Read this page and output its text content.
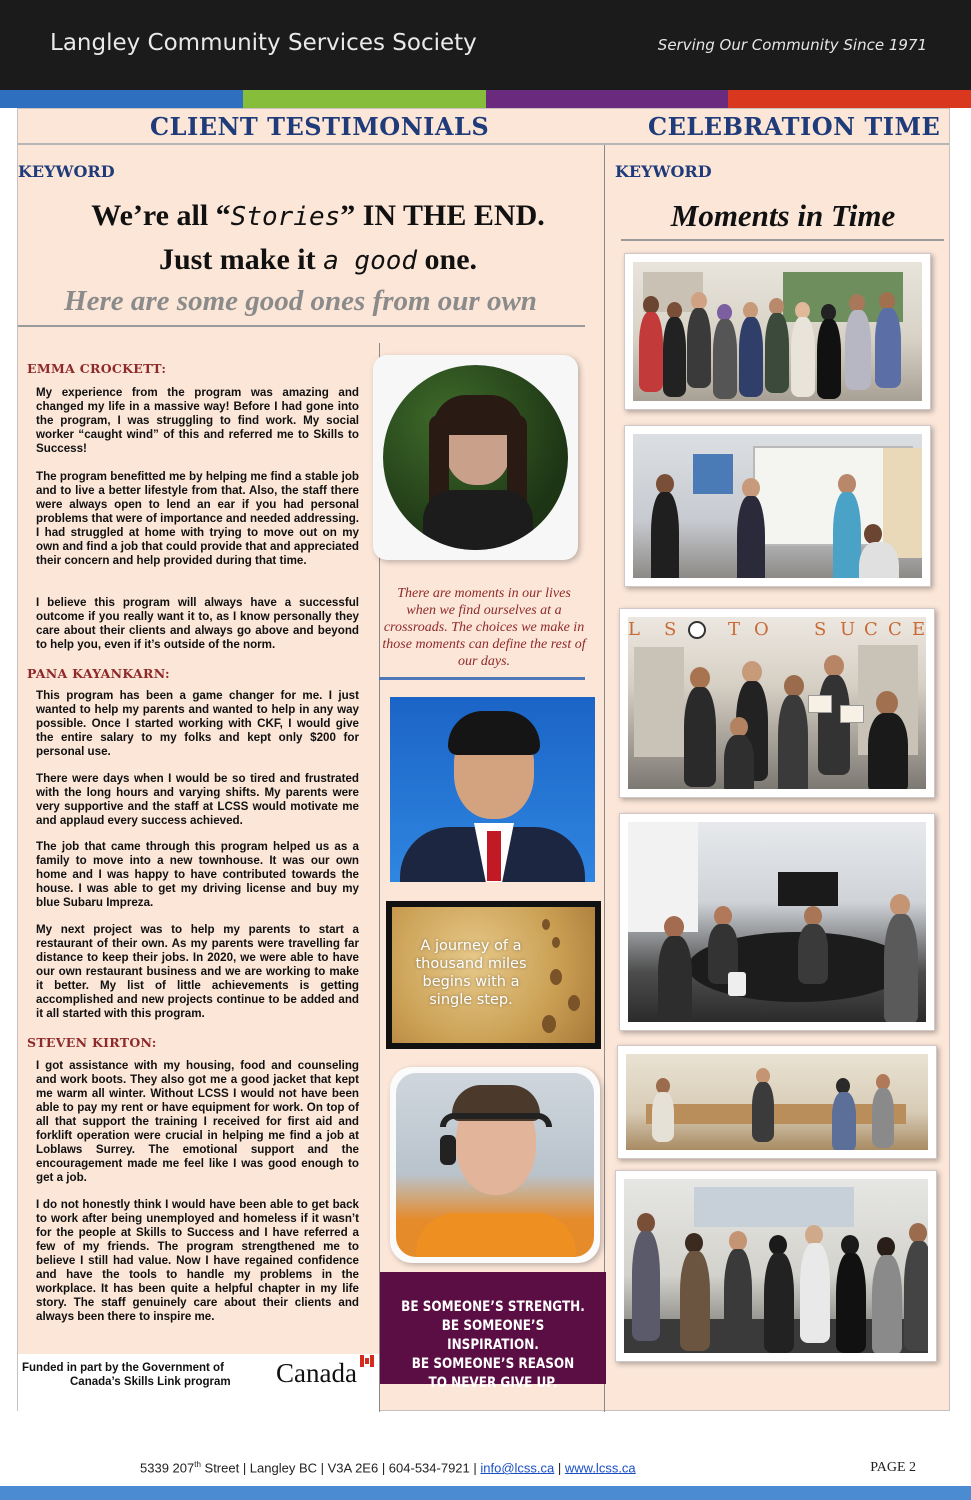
Langley Community Services Society	Serving Our Community Since 1971
CLIENT TESTIMONIALS	CELEBRATION TIME
KEYWORD	KEYWORD
We’re all “Stories” IN THE END.
Just make it a good one.
Here are some good ones from our own
Moments in Time
EMMA CROCKETT:

My experience from the program was amazing and changed my life in a massive way! Before I had gone into the program, I was struggling to find work. My social worker “caught wind” of this and referred me to Skills to Success!

The program benefitted me by helping me find a stable job and to live a better lifestyle from that. Also, the staff there were always open to lend an ear if you had personal problems that were of importance and needed addressing. I had struggled at home with trying to move out on my own and find a job that could provide that and appreciated their concern and help provided during that time.

I believe this program will always have a successful outcome if you really want it to, as I know personally they care about their clients and always go above and beyond to help you, even if it’s outside of the norm.

PANA KAYANKARN:

This program has been a game changer for me. I just wanted to help my parents and wanted to help in any way possible. Once I started working with CKF, I would give the entire salary to my folks and kept only $200 for personal use.

There were days when I would be so tired and frustrated with the long hours and varying shifts. My parents were very supportive and the staff at LCSS would motivate me and applaud every success achieved.

The job that came through this program helped us as a family to move into a new townhouse. It was our own home and I was happy to have contributed towards the house. I was able to get my driving license and buy my blue Subaru Impreza.

My next project was to help my parents to start a restaurant of their own. As my parents were travelling far distance to keep their jobs. In 2020, we were able to have our own restaurant business and we are working to make it better. My list of little achievements is getting accomplished and new projects continue to be added and it all started with this program.

STEVEN KIRTON:

I got assistance with my housing, food and counseling and work boots. They also got me a good jacket that kept me warm all winter. Without LCSS I would not have been able to pay my rent or have equipment for work. On top of all that support the training I received for first aid and forklift operation were crucial in helping me find a job at Loblaws Surrey. The emotional support and the encouragement made me feel like I was good enough to get a job.

I do not honestly think I would have been able to get back to work after being unemployed and homeless if it wasn’t for the people at Skills to Success and I have referred a few of my friends. The program strengthened me to believe I still had value. Now I have regained confidence and have the tools to handle my problems in the workplace. It has been quite a helpful chapter in my life story. The staff genuinely care about their clients and always been there to inspire me.

Funded in part by the Government of
Canada’s Skills Link program	Canada
There are moments in our lives when we find ourselves at a crossroads. The choices we make in those moments can define the rest of our days.
A journey of a thousand miles begins with a single step.
BE SOMEONE’S STRENGTH.
BE SOMEONE’S INSPIRATION.
BE SOMEONE’S REASON
TO NEVER GIVE UP.
L S	T O	S U C C E
5339 207th Street | Langley BC | V3A 2E6 | 604-534-7921 | info@lcss.ca | www.lcss.ca	PAGE 2
